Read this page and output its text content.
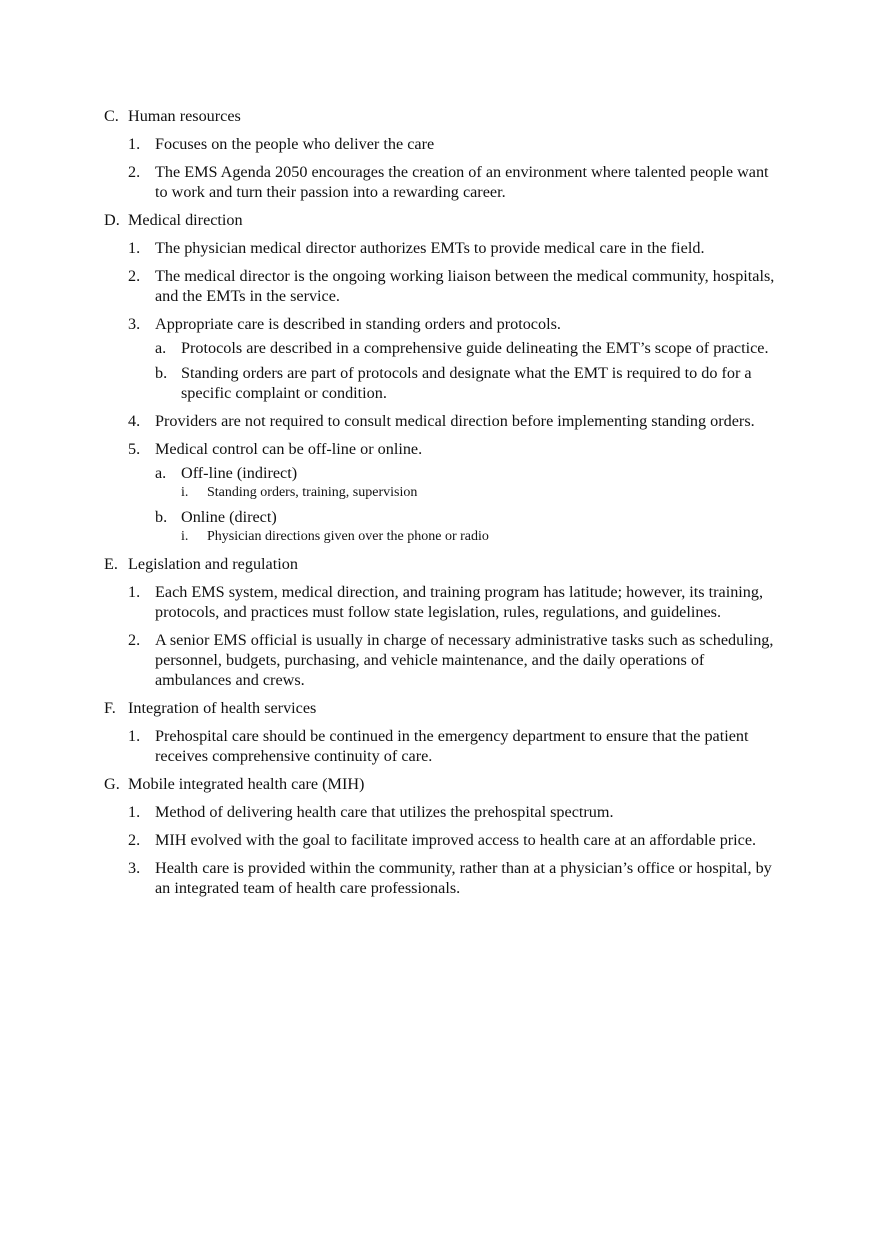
C. Human resources
1. Focuses on the people who deliver the care
2. The EMS Agenda 2050 encourages the creation of an environment where talented people want to work and turn their passion into a rewarding career.
D. Medical direction
1. The physician medical director authorizes EMTs to provide medical care in the field.
2. The medical director is the ongoing working liaison between the medical community, hospitals, and the EMTs in the service.
3. Appropriate care is described in standing orders and protocols.
a. Protocols are described in a comprehensive guide delineating the EMT’s scope of practice.
b. Standing orders are part of protocols and designate what the EMT is required to do for a specific complaint or condition.
4. Providers are not required to consult medical direction before implementing standing orders.
5. Medical control can be off-line or online.
a. Off-line (indirect)
i.	Standing orders, training, supervision
b. Online (direct)
i.	Physician directions given over the phone or radio
E. Legislation and regulation
1. Each EMS system, medical direction, and training program has latitude; however, its training, protocols, and practices must follow state legislation, rules, regulations, and guidelines.
2. A senior EMS official is usually in charge of necessary administrative tasks such as scheduling, personnel, budgets, purchasing, and vehicle maintenance, and the daily operations of ambulances and crews.
F. Integration of health services
1. Prehospital care should be continued in the emergency department to ensure that the patient receives comprehensive continuity of care.
G. Mobile integrated health care (MIH)
1. Method of delivering health care that utilizes the prehospital spectrum.
2. MIH evolved with the goal to facilitate improved access to health care at an affordable price.
3. Health care is provided within the community, rather than at a physician’s office or hospital, by an integrated team of health care professionals.
